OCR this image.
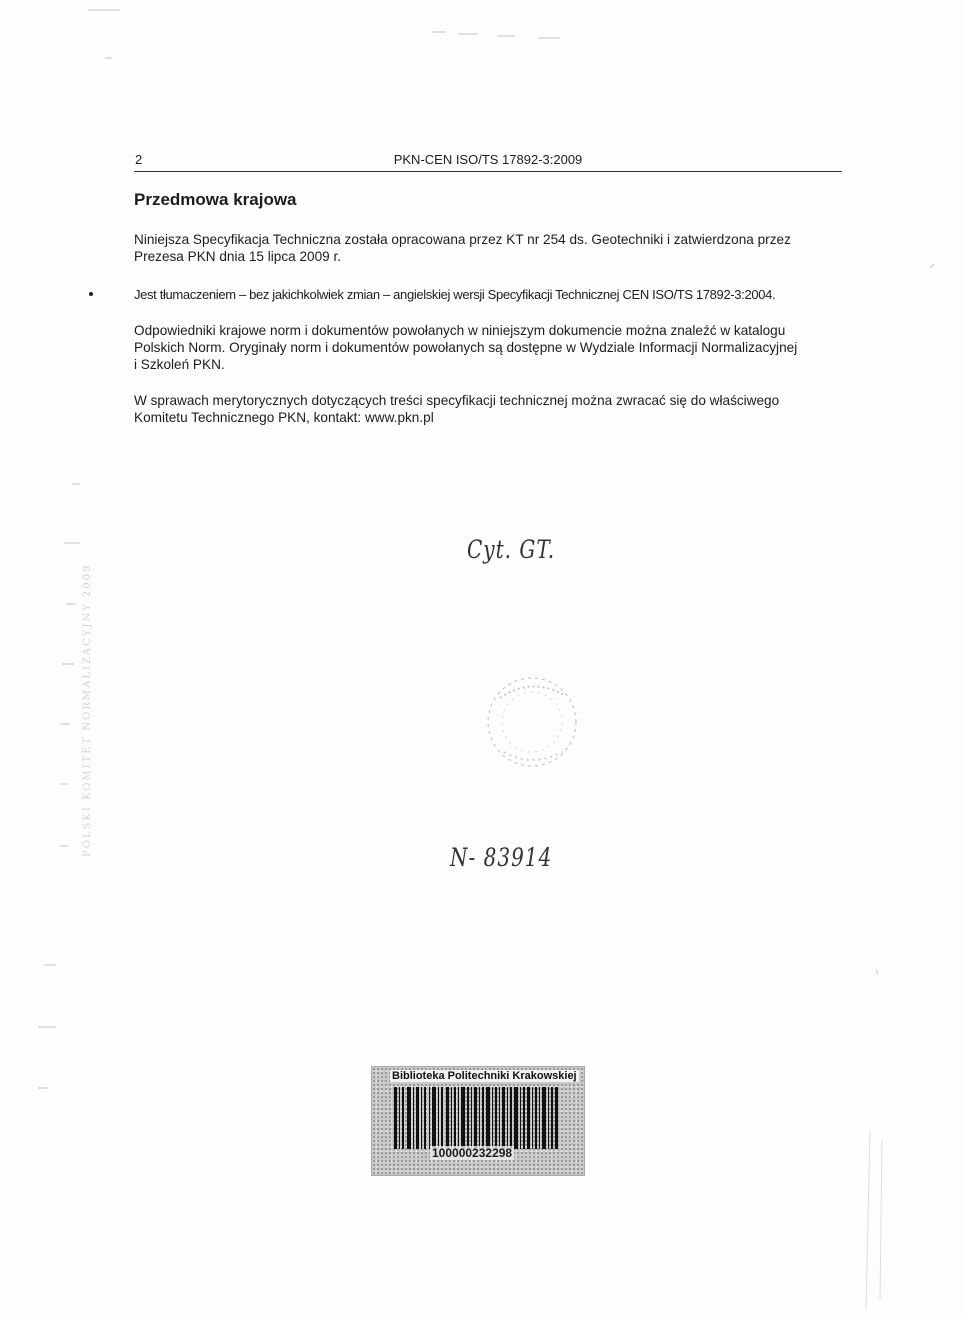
2	PKN-CEN ISO/TS 17892-3:2009
Przedmowa krajowa

Niniejsza Specyfikacja Techniczna została opracowana przez KT nr 254 ds. Geotechniki i zatwierdzona przez
Prezesa PKN dnia 15 lipca 2009 r.

Jest tłumaczeniem – bez jakichkolwiek zmian – angielskiej wersji Specyfikacji Technicznej CEN ISO/TS 17892-3:2004.

Odpowiedniki krajowe norm i dokumentów powołanych w niniejszym dokumencie można znaleźć w katalogu
Polskich Norm. Oryginały norm i dokumentów powołanych są dostępne w Wydziale Informacji Normalizacyjnej
i Szkoleń PKN.

W sprawach merytorycznych dotyczących treści specyfikacji technicznej można zwracać się do właściwego
Komitetu Technicznego PKN, kontakt: www.pkn.pl

Cyt. GT.
N- 83914
POLSKI KOMITET NORMALIZACYJNY 2009
Biblioteka Politechniki Krakowskiej
100000232298
